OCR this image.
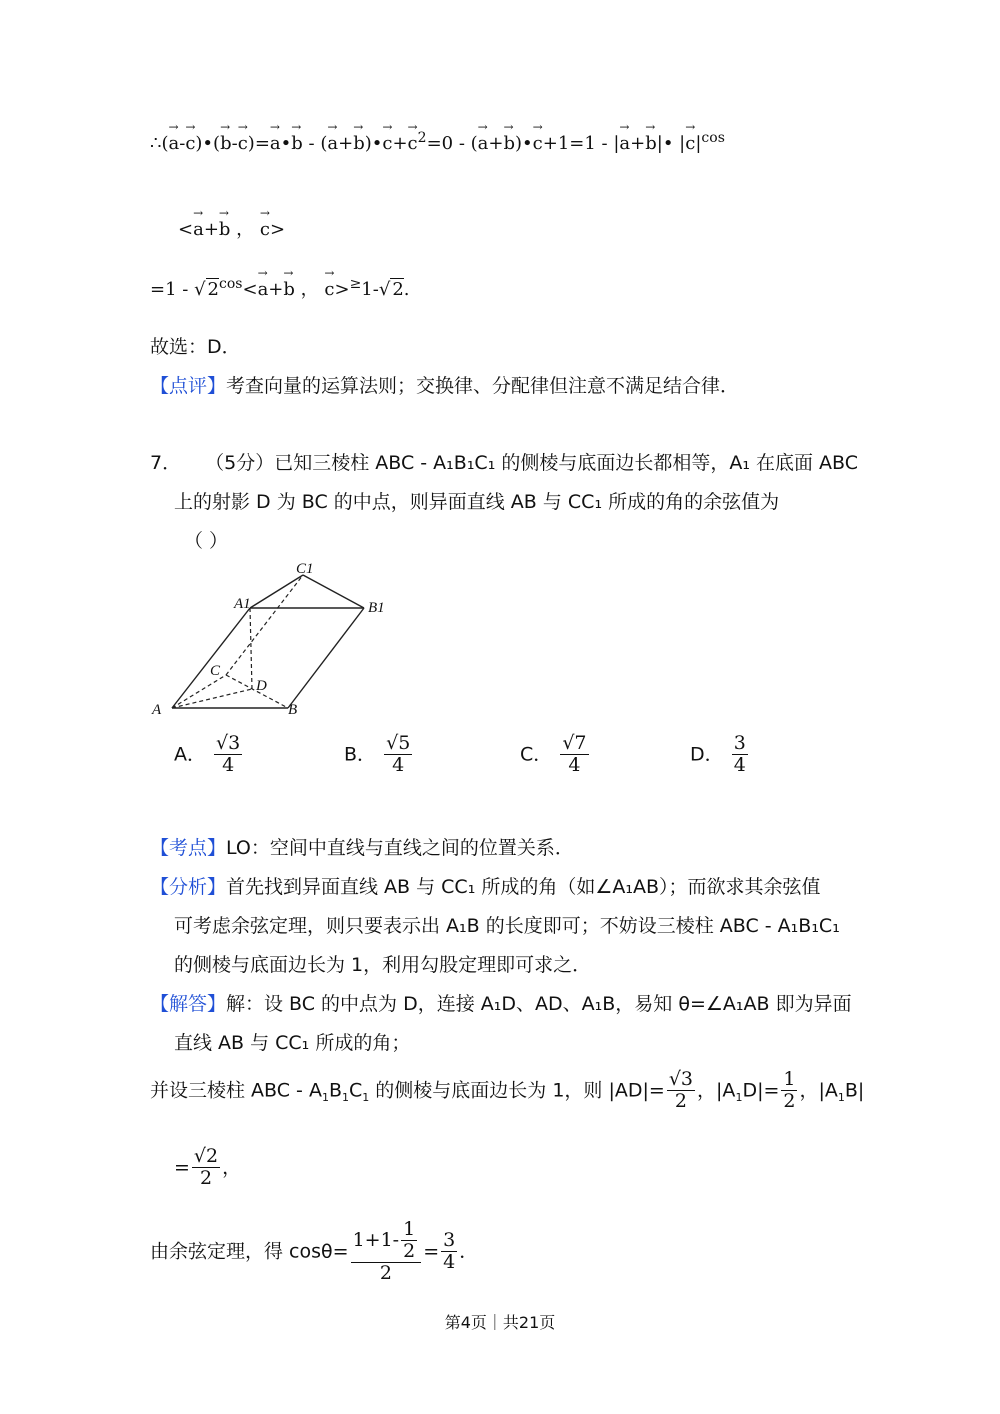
∴(→ a-→ c)•(→ b-→ c)=→ a•→ b - (→ a+→ b)•→ $c+\to c^2=0$ - (→ a+→ b)•→ c+1=1 - |→ a+→ b|• |→ $c|^{cos}$
<→ a+→ b ， → c>
=1 - √ $2^{cos}<\to a+\to b$ ， → c>≥1-√ 2.
故选：D．
【点评】考查向量的运算法则；交换律、分配律但注意不满足结合律．
7． （5分）已知三棱柱 ABC - A₁B₁C₁ 的侧棱与底面边长都相等，A₁ 在底面 ABC
上的射影 D 为 BC 的中点，则异面直线 AB 与 CC₁ 所成的角的余弦值为
（ ）
C1
A1	B1
C
D
A	B
A． $\frac{√3}{4}$	B． $\frac{√5}{4}$	C． $\frac{√7}{4}$	D． $\frac{3}{4}$
【考点】LO：空间中直线与直线之间的位置关系．
【分析】首先找到异面直线 AB 与 CC₁ 所成的角（如∠A₁AB）；而欲求其余弦值
可考虑余弦定理，则只要表示出 A₁B 的长度即可；不妨设三棱柱 ABC - A₁B₁C₁
的侧棱与底面边长为 1，利用勾股定理即可求之．
【解答】解：设 BC 的中点为 D，连接 A₁D、AD、A₁B，易知 θ=∠A₁AB 即为异面
直线 AB 与 CC₁ 所成的角；
并设三棱柱 ABC - $A_1B_1C_1$ 的侧棱与底面边长为 1，则 $|AD|= \frac{√3}{2}$ ，$|A_1D|= \frac{1}{2}$ ，$|A_1B|$
= $\frac{√2}{2}$ ，
由余弦定理，得 $\cos\theta= \frac{1+1- \frac{1}{2}}{2} = \frac{3}{4}$ ．
第4页｜共21页
